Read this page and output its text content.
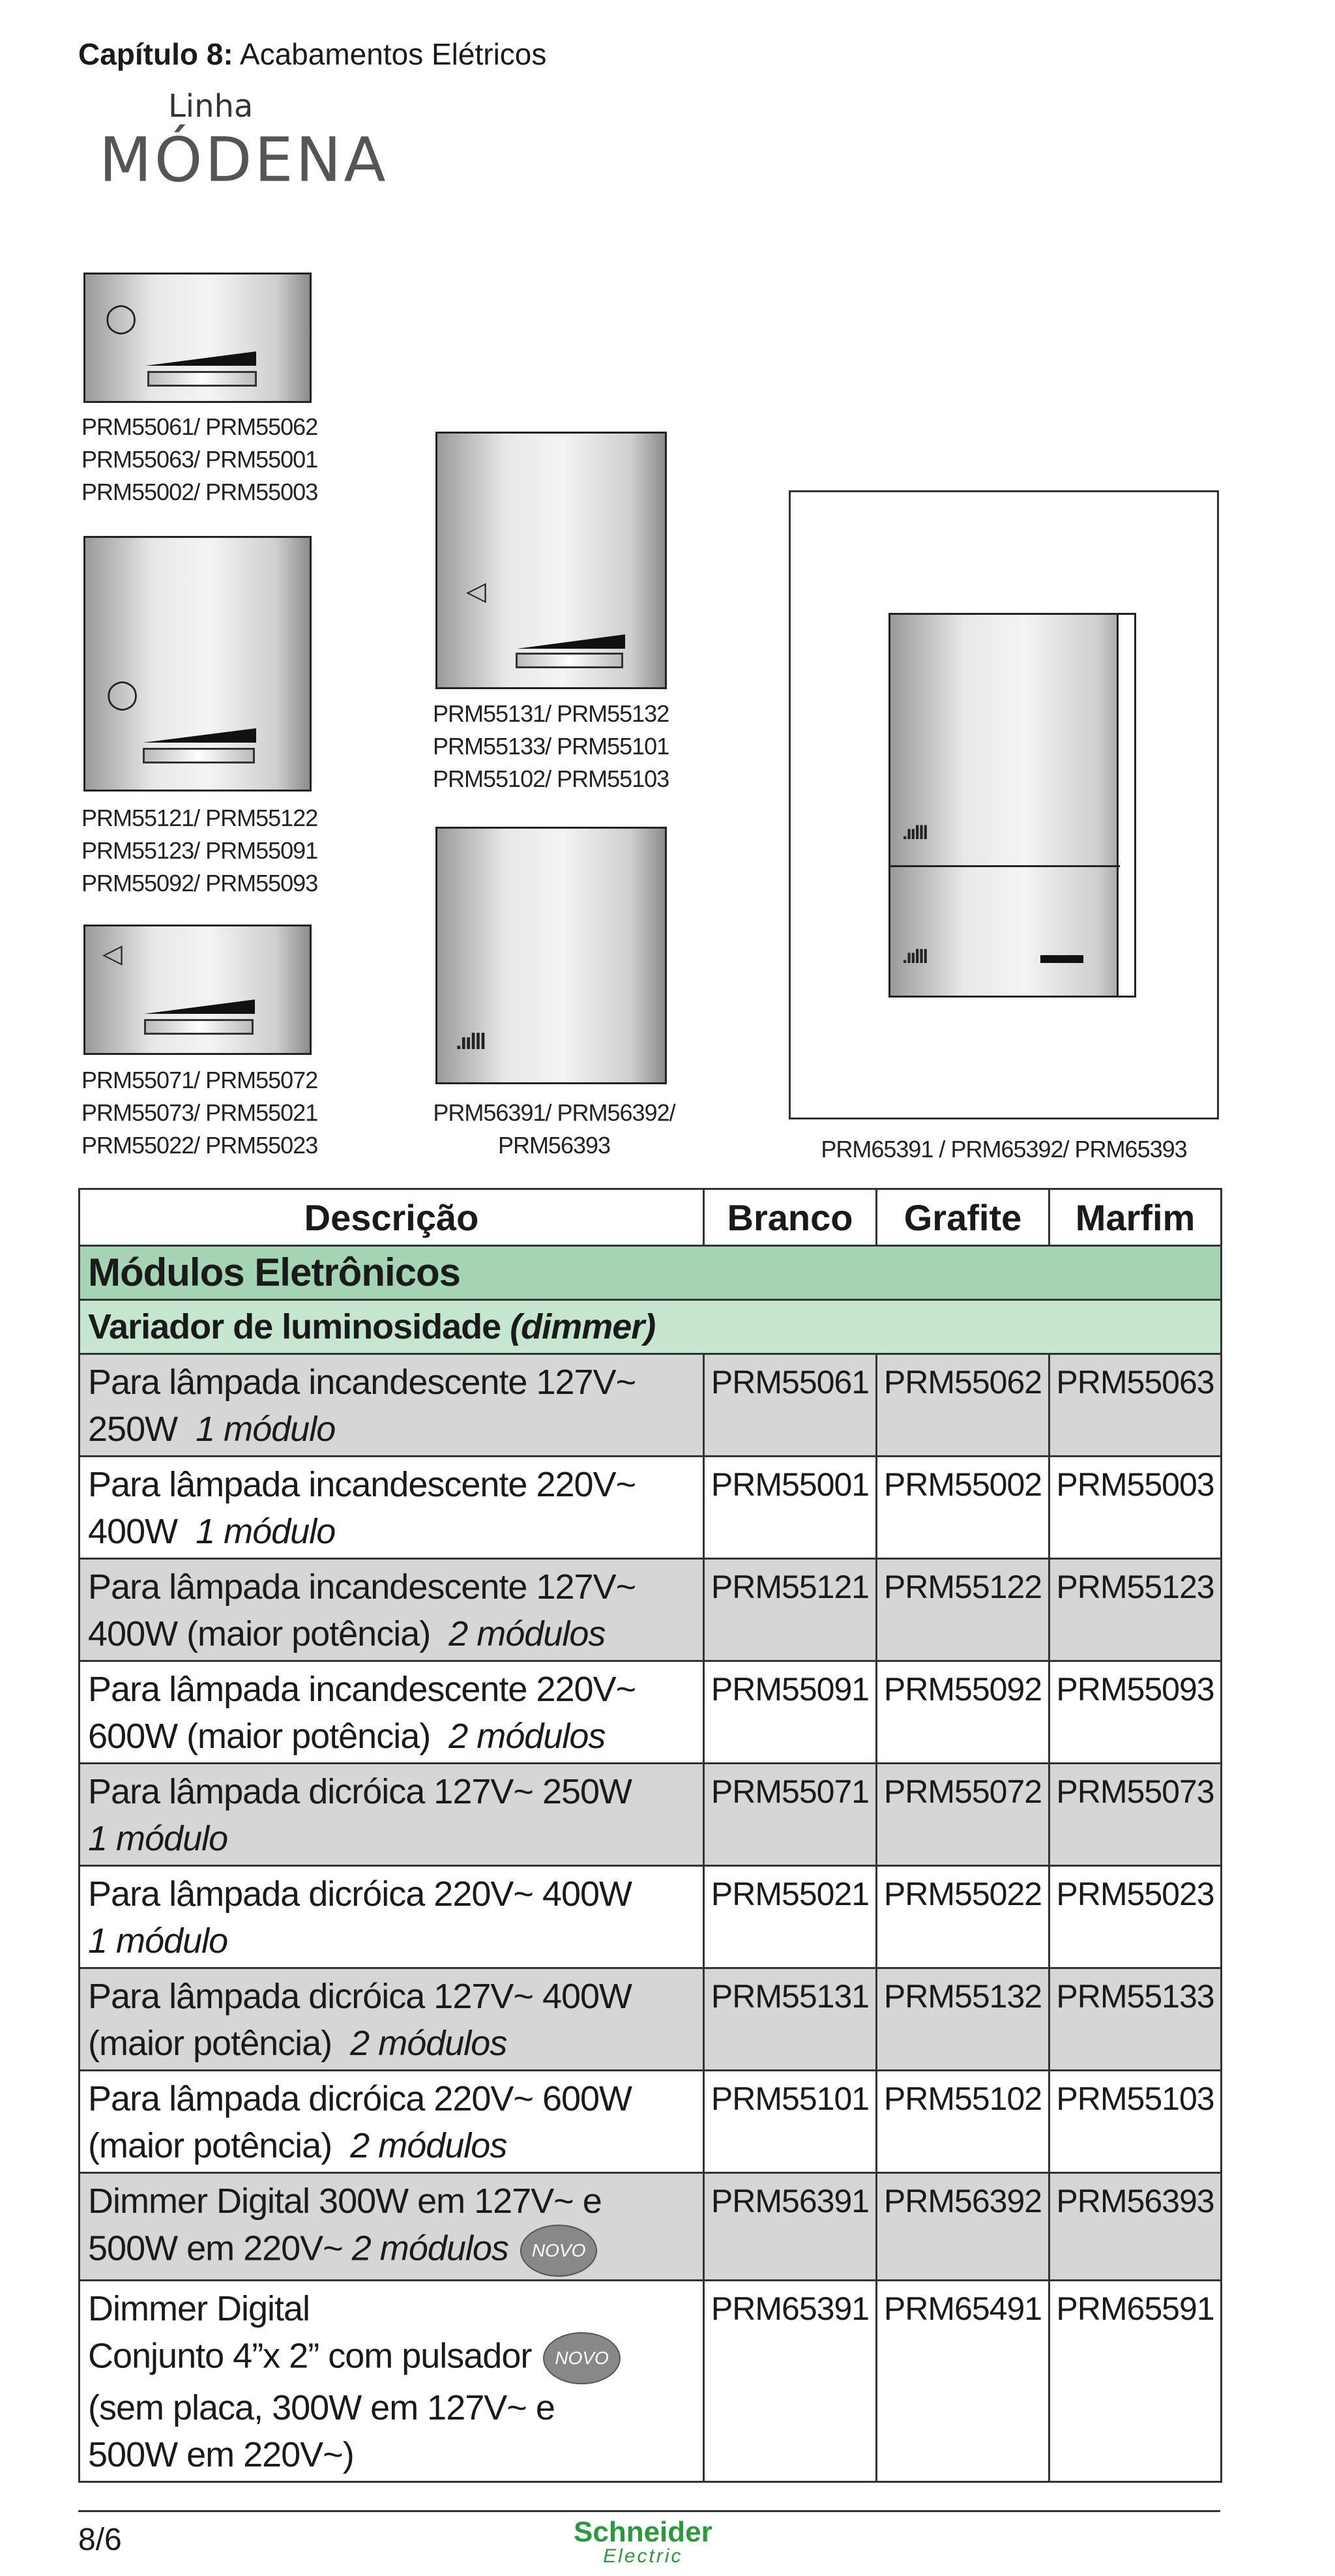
Capítulo 8: Acabamentos Elétricos
Linha
MÓDENA
◯
PRM55061/ PRM55062
PRM55063/ PRM55001
PRM55002/ PRM55003
◯
PRM55121/ PRM55122
PRM55123/ PRM55091
PRM55092/ PRM55093
◁
PRM55071/ PRM55072
PRM55073/ PRM55021
PRM55022/ PRM55023
◁
PRM55131/ PRM55132
PRM55133/ PRM55101
PRM55102/ PRM55103
.ıılll
PRM56391/ PRM56392/
PRM56393
.ıılll
.ıılll
PRM65391 / PRM65392/ PRM65393
Descrição	Branco	Grafite	Marfim
Módulos Eletrônicos			
Variador de luminosidade (dimmer)			
Para lâmpada incandescente 127V~
250W 1 módulo	PRM55061	PRM55062	PRM55063
Para lâmpada incandescente 220V~
400W 1 módulo	PRM55001	PRM55002	PRM55003
Para lâmpada incandescente 127V~
400W (maior potência) 2 módulos	PRM55121	PRM55122	PRM55123
Para lâmpada incandescente 220V~
600W (maior potência) 2 módulos	PRM55091	PRM55092	PRM55093
Para lâmpada dicróica 127V~ 250W
1 módulo	PRM55071	PRM55072	PRM55073
Para lâmpada dicróica 220V~ 400W
1 módulo	PRM55021	PRM55022	PRM55023
Para lâmpada dicróica 127V~ 400W
(maior potência) 2 módulos	PRM55131	PRM55132	PRM55133
Para lâmpada dicróica 220V~ 600W
(maior potência) 2 módulos	PRM55101	PRM55102	PRM55103
Dimmer Digital 300W em 127V~ e
500W em 220V~ 2 módulos NOVO	PRM56391	PRM56392	PRM56393
Dimmer Digital
Conjunto 4”x 2” com pulsador NOVO
(sem placa, 300W em 127V~ e
500W em 220V~)	PRM65391	PRM65491	PRM65591
8/6	Schneider
Electric
